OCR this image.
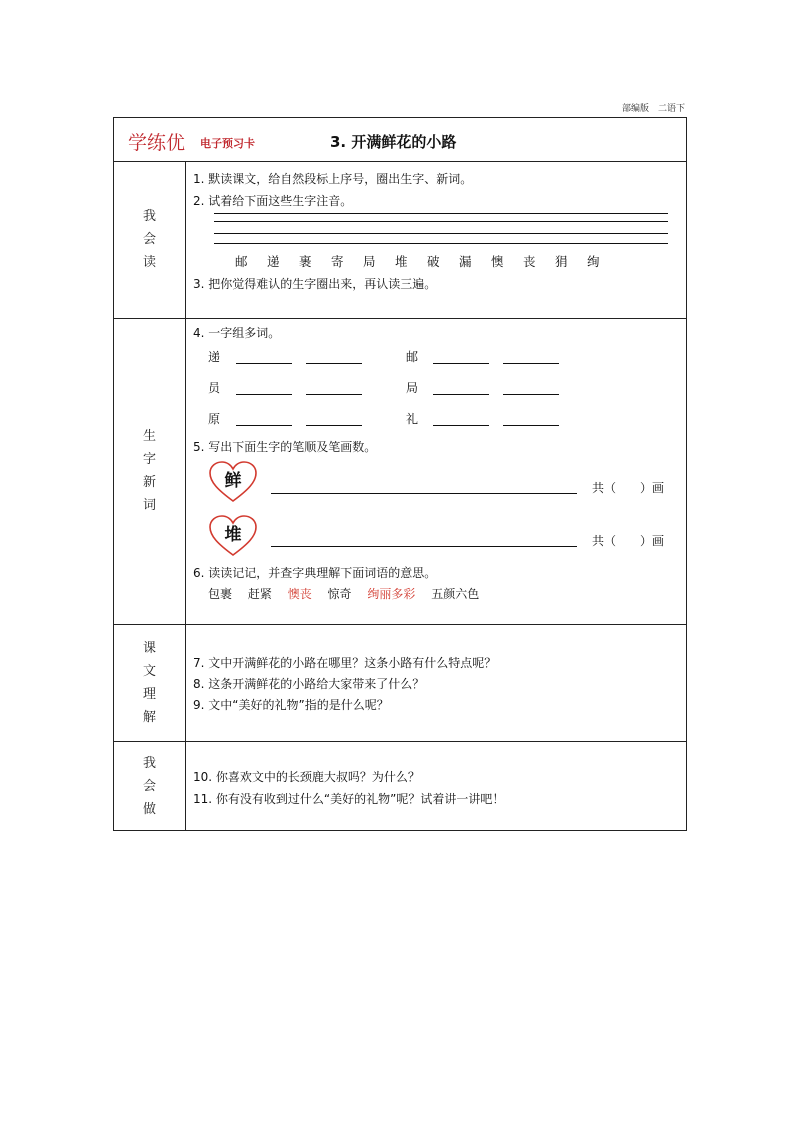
部编版　二语下
学练优 电子预习卡	3. 开满鲜花的小路
我
会
读
1. 默读课文，给自然段标上序号，圈出生字、新词。
2. 试着给下面这些生字注音。
邮	递	裹	寄	局	堆	破	漏	懊	丧	狷	绚
3. 把你觉得难认的生字圈出来，再认读三遍。
生
字
新
词
4. 一字组多词。
递	邮
员	局
原	礼
5. 写出下面生字的笔顺及笔画数。
鲜	共（　　）画
堆	共（　　）画
6. 读读记记，并查字典理解下面词语的意思。
包裹 赶紧 懊丧 惊奇 绚丽多彩 五颜六色
课
文
理
解
7. 文中开满鲜花的小路在哪里？这条小路有什么特点呢？
8. 这条开满鲜花的小路给大家带来了什么？
9. 文中“美好的礼物”指的是什么呢？
我
会
做
10. 你喜欢文中的长颈鹿大叔吗？为什么？
11. 你有没有收到过什么“美好的礼物”呢？试着讲一讲吧！
